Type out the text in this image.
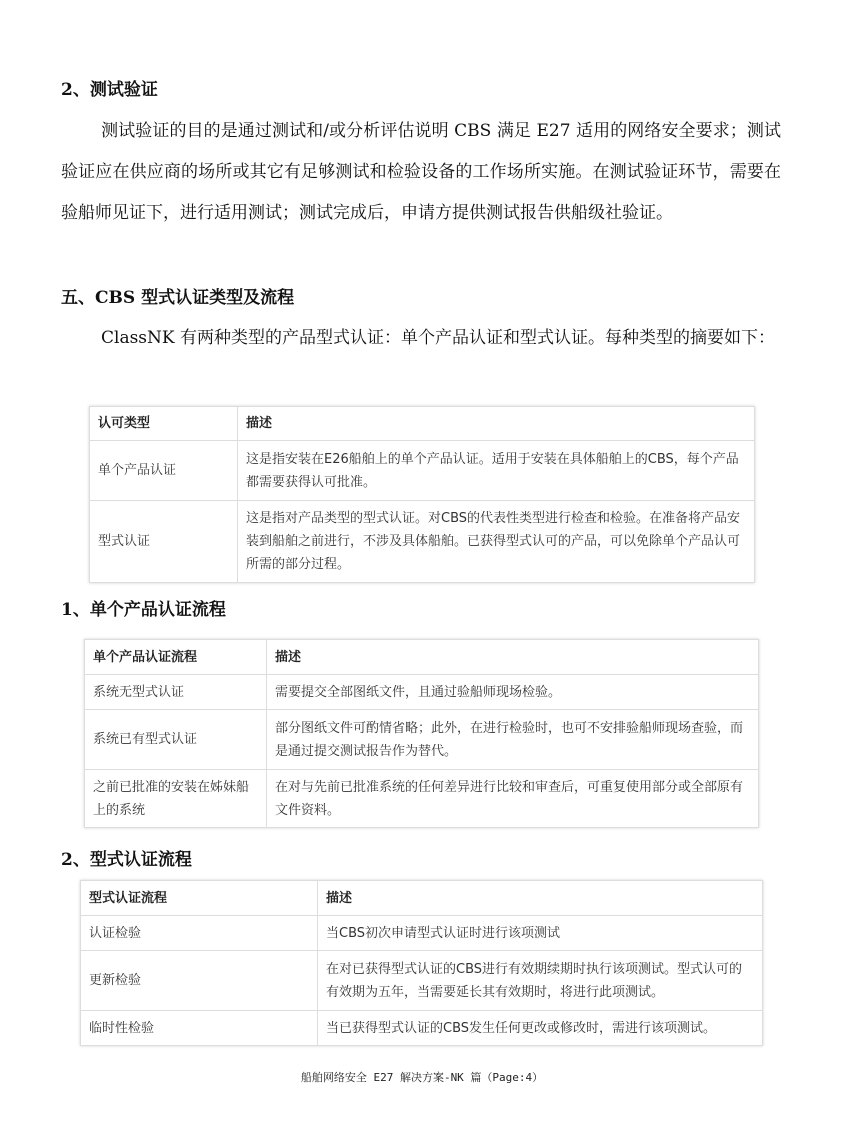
2、测试验证

测试验证的目的是通过测试和/或分析评估说明 CBS 满足 E27 适用的网络安全要求；测试验证应在供应商的场所或其它有足够测试和检验设备的工作场所实施。在测试验证环节，需要在验船师见证下，进行适用测试；测试完成后，申请方提供测试报告供船级社验证。

五、CBS 型式认证类型及流程

ClassNK 有两种类型的产品型式认证：单个产品认证和型式认证。每种类型的摘要如下：

认可类型	描述
单个产品认证	这是指安装在E26船舶上的单个产品认证。适用于安装在具体船舶上的CBS，每个产品都需要获得认可批准。
型式认证	这是指对产品类型的型式认证。对CBS的代表性类型进行检查和检验。在准备将产品安装到船舶之前进行，不涉及具体船舶。已获得型式认可的产品，可以免除单个产品认可所需的部分过程。
1、单个产品认证流程
单个产品认证流程	描述
系统无型式认证	需要提交全部图纸文件，且通过验船师现场检验。
系统已有型式认证	部分图纸文件可酌情省略；此外，在进行检验时，也可不安排验船师现场查验，而是通过提交测试报告作为替代。
之前已批准的安装在姊妹船上的系统	在对与先前已批准系统的任何差异进行比较和审查后，可重复使用部分或全部原有文件资料。
2、型式认证流程
型式认证流程	描述
认证检验	当CBS初次申请型式认证时进行该项测试
更新检验	在对已获得型式认证的CBS进行有效期续期时执行该项测试。型式认可的有效期为五年，当需要延长其有效期时，将进行此项测试。
临时性检验	当已获得型式认证的CBS发生任何更改或修改时，需进行该项测试。
船舶网络安全 E27 解决方案-NK 篇（Page:4）
